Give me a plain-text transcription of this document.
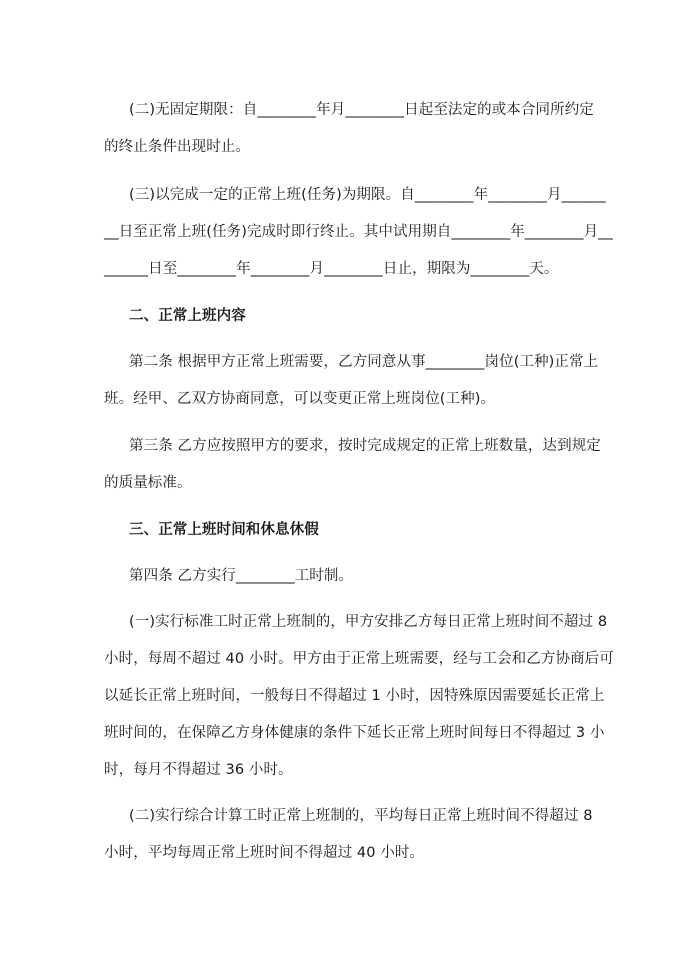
(二)无固定期限：自________年月________日起至法定的或本合同所约定
的终止条件出现时止。
(三)以完成一定的正常上班(任务)为期限。自________年________月______
__日至正常上班(任务)完成时即行终止。其中试用期自________年________月__
______日至________年________月________日止，期限为________天。
二、正常上班内容
第二条 根据甲方正常上班需要，乙方同意从事________岗位(工种)正常上
班。经甲、乙双方协商同意，可以变更正常上班岗位(工种)。
第三条 乙方应按照甲方的要求，按时完成规定的正常上班数量，达到规定
的质量标准。
三、正常上班时间和休息休假
第四条 乙方实行________工时制。
(一)实行标准工时正常上班制的，甲方安排乙方每日正常上班时间不超过 8
小时，每周不超过 40 小时。甲方由于正常上班需要，经与工会和乙方协商后可
以延长正常上班时间，一般每日不得超过 1 小时，因特殊原因需要延长正常上
班时间的，在保障乙方身体健康的条件下延长正常上班时间每日不得超过 3 小
时，每月不得超过 36 小时。
(二)实行综合计算工时正常上班制的，平均每日正常上班时间不得超过 8
小时，平均每周正常上班时间不得超过 40 小时。
